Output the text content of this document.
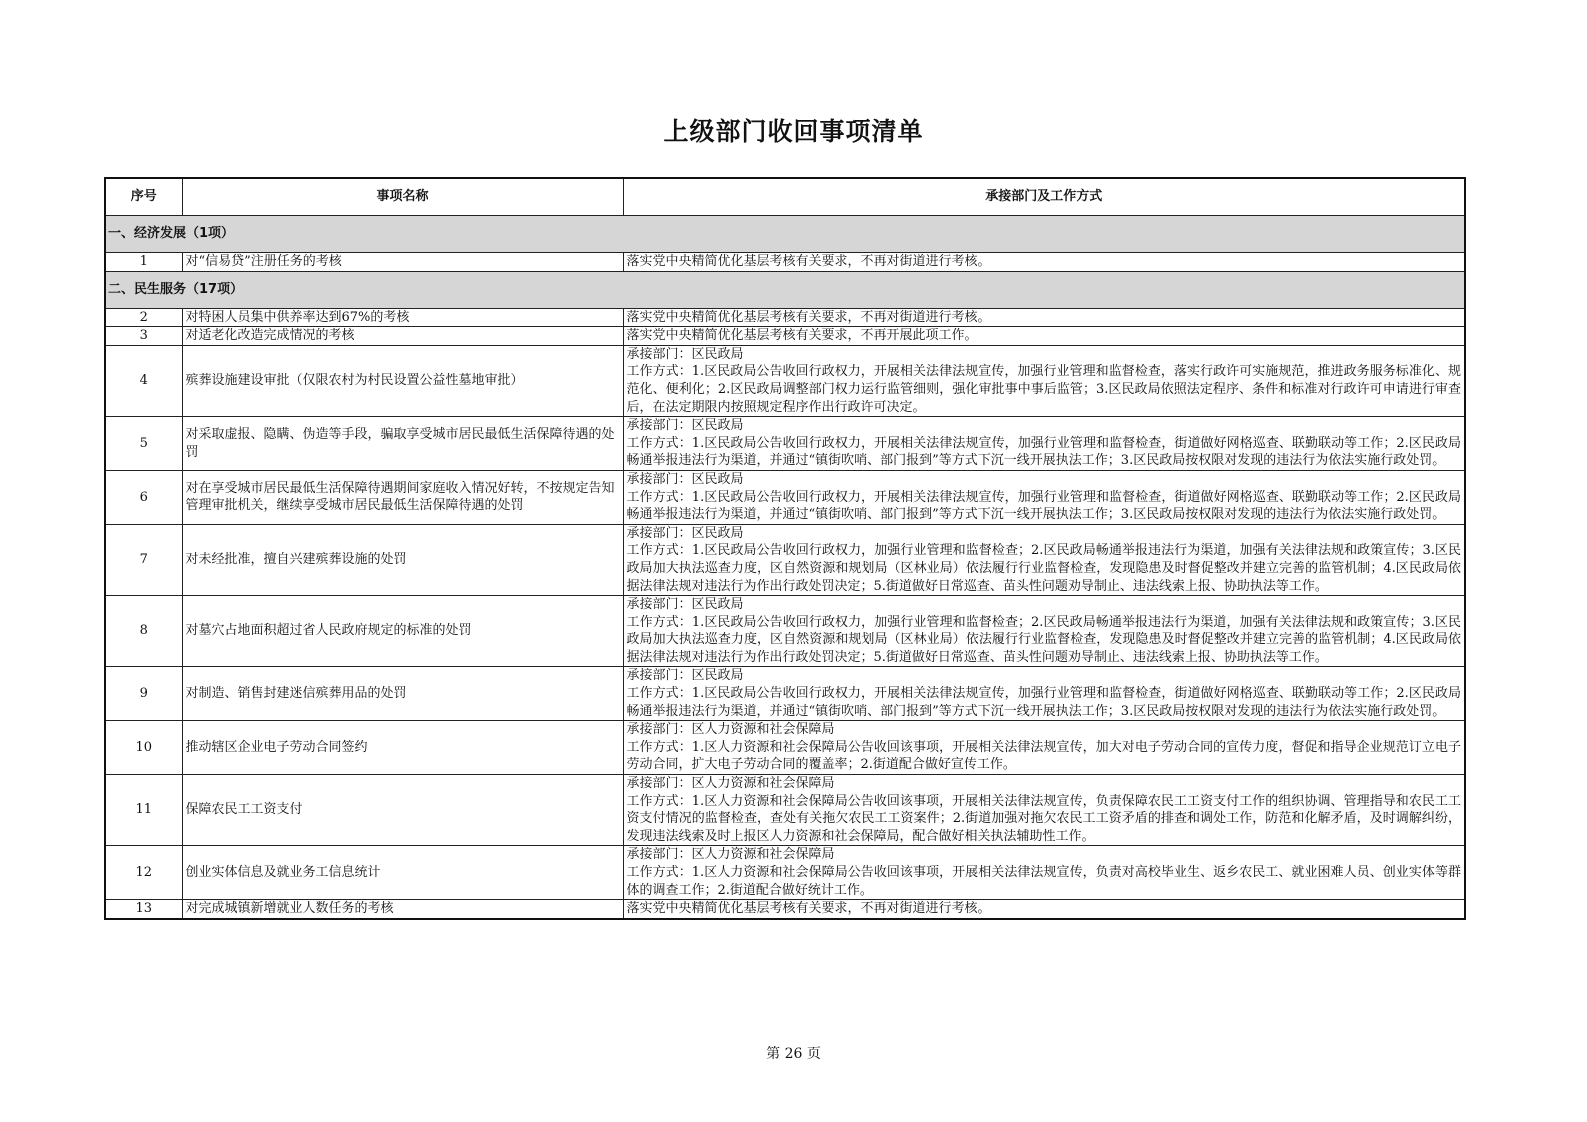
上级部门收回事项清单
序号	事项名称	承接部门及工作方式
一、经济发展（1项）		
1	对“信易贷”注册任务的考核	落实党中央精简优化基层考核有关要求，不再对街道进行考核。

二、民生服务（17项）		
2	对特困人员集中供养率达到67%的考核	落实党中央精简优化基层考核有关要求，不再对街道进行考核。

3	对适老化改造完成情况的考核	落实党中央精简优化基层考核有关要求，不再开展此项工作。

4	殡葬设施建设审批（仅限农村为村民设置公益性墓地审批）	承接部门：区民政局
工作方式：1.区民政局公告收回行政权力，开展相关法律法规宣传，加强行业管理和监督检查，落实行政许可实施规范，推进政务服务标准化、规范化、便利化；2.区民政局调整部门权力运行监管细则，强化审批事中事后监管；3.区民政局依照法定程序、条件和标准对行政许可申请进行审查后，在法定期限内按照规定程序作出行政许可决定。

5	对采取虚报、隐瞒、伪造等手段，骗取享受城市居民最低生活保障待遇的处罚	承接部门：区民政局
工作方式：1.区民政局公告收回行政权力，开展相关法律法规宣传，加强行业管理和监督检查，街道做好网格巡查、联勤联动等工作；2.区民政局畅通举报违法行为渠道，并通过“镇街吹哨、部门报到”等方式下沉一线开展执法工作；3.区民政局按权限对发现的违法行为依法实施行政处罚。

6	对在享受城市居民最低生活保障待遇期间家庭收入情况好转，不按规定告知管理审批机关，继续享受城市居民最低生活保障待遇的处罚	承接部门：区民政局
工作方式：1.区民政局公告收回行政权力，开展相关法律法规宣传，加强行业管理和监督检查，街道做好网格巡查、联勤联动等工作；2.区民政局畅通举报违法行为渠道，并通过“镇街吹哨、部门报到”等方式下沉一线开展执法工作；3.区民政局按权限对发现的违法行为依法实施行政处罚。

7	对未经批准，擅自兴建殡葬设施的处罚	承接部门：区民政局
工作方式：1.区民政局公告收回行政权力，加强行业管理和监督检查；2.区民政局畅通举报违法行为渠道，加强有关法律法规和政策宣传；3.区民政局加大执法巡查力度，区自然资源和规划局（区林业局）依法履行行业监督检查，发现隐患及时督促整改并建立完善的监管机制；4.区民政局依据法律法规对违法行为作出行政处罚决定；5.街道做好日常巡查、苗头性问题劝导制止、违法线索上报、协助执法等工作。

8	对墓穴占地面积超过省人民政府规定的标准的处罚	承接部门：区民政局
工作方式：1.区民政局公告收回行政权力，加强行业管理和监督检查；2.区民政局畅通举报违法行为渠道，加强有关法律法规和政策宣传；3.区民政局加大执法巡查力度，区自然资源和规划局（区林业局）依法履行行业监督检查，发现隐患及时督促整改并建立完善的监管机制；4.区民政局依据法律法规对违法行为作出行政处罚决定；5.街道做好日常巡查、苗头性问题劝导制止、违法线索上报、协助执法等工作。

9	对制造、销售封建迷信殡葬用品的处罚	承接部门：区民政局
工作方式：1.区民政局公告收回行政权力，开展相关法律法规宣传，加强行业管理和监督检查，街道做好网格巡查、联勤联动等工作；2.区民政局畅通举报违法行为渠道，并通过“镇街吹哨、部门报到”等方式下沉一线开展执法工作；3.区民政局按权限对发现的违法行为依法实施行政处罚。

10	推动辖区企业电子劳动合同签约	承接部门：区人力资源和社会保障局
工作方式：1.区人力资源和社会保障局公告收回该事项，开展相关法律法规宣传，加大对电子劳动合同的宣传力度，督促和指导企业规范订立电子劳动合同，扩大电子劳动合同的覆盖率；2.街道配合做好宣传工作。

11	保障农民工工资支付	承接部门：区人力资源和社会保障局
工作方式：1.区人力资源和社会保障局公告收回该事项，开展相关法律法规宣传，负责保障农民工工资支付工作的组织协调、管理指导和农民工工资支付情况的监督检查，查处有关拖欠农民工工资案件；2.街道加强对拖欠农民工工资矛盾的排查和调处工作，防范和化解矛盾，及时调解纠纷，发现违法线索及时上报区人力资源和社会保障局，配合做好相关执法辅助性工作。

12	创业实体信息及就业务工信息统计	承接部门：区人力资源和社会保障局
工作方式：1.区人力资源和社会保障局公告收回该事项，开展相关法律法规宣传，负责对高校毕业生、返乡农民工、就业困难人员、创业实体等群体的调查工作；2.街道配合做好统计工作。

13	对完成城镇新增就业人数任务的考核	落实党中央精简优化基层考核有关要求，不再对街道进行考核。
第 26 页
